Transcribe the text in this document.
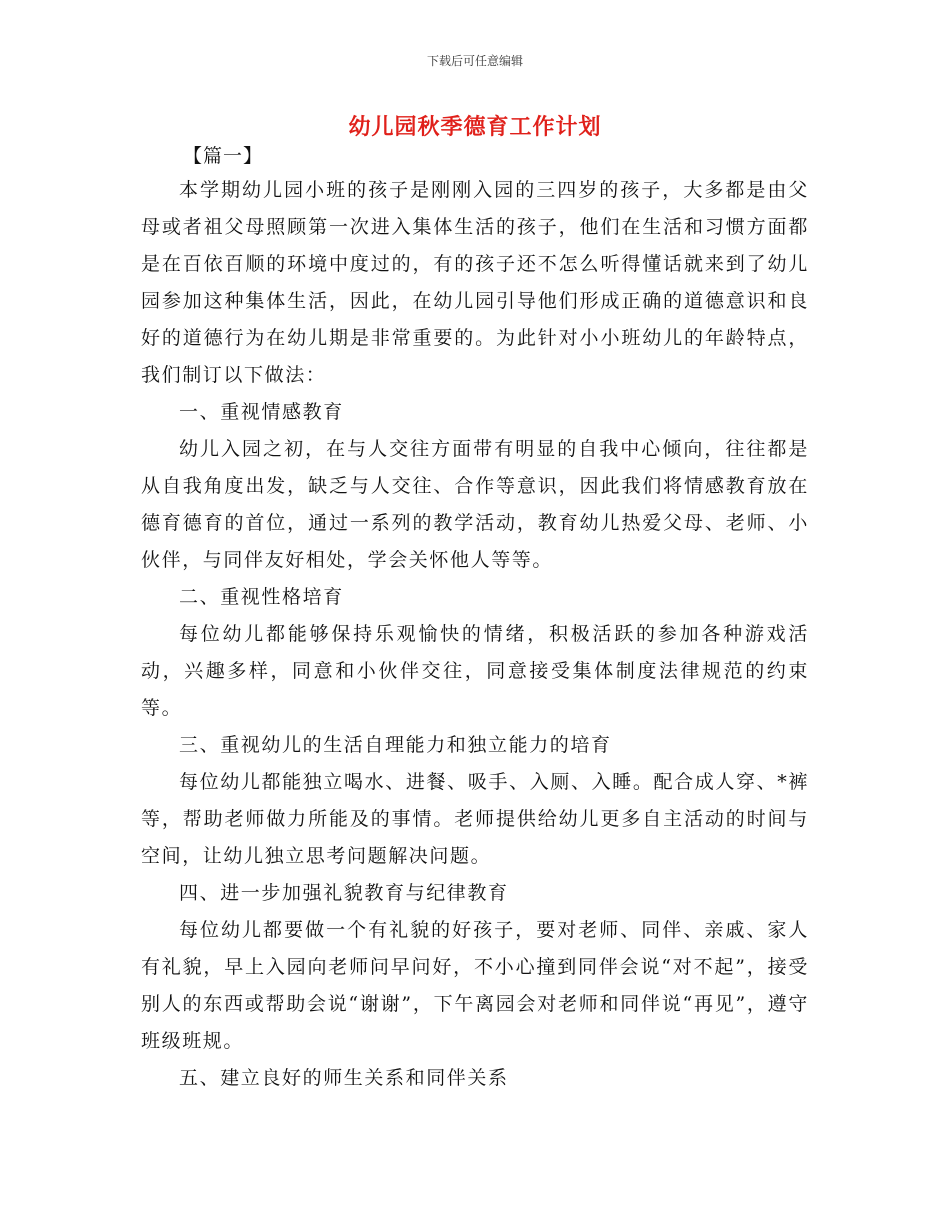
下载后可任意编辑
幼儿园秋季德育工作计划
【篇一】

本学期幼儿园小班的孩子是刚刚入园的三四岁的孩子，大多都是由父母或者祖父母照顾第一次进入集体生活的孩子，他们在生活和习惯方面都是在百依百顺的环境中度过的，有的孩子还不怎么听得懂话就来到了幼儿园参加这种集体生活，因此，在幼儿园引导他们形成正确的道德意识和良好的道德行为在幼儿期是非常重要的。为此针对小小班幼儿的年龄特点，我们制订以下做法：

一、重视情感教育

幼儿入园之初，在与人交往方面带有明显的自我中心倾向，往往都是从自我角度出发，缺乏与人交往、合作等意识，因此我们将情感教育放在德育德育的首位，通过一系列的教学活动，教育幼儿热爱父母、老师、小伙伴，与同伴友好相处，学会关怀他人等等。

二、重视性格培育

每位幼儿都能够保持乐观愉快的情绪，积极活跃的参加各种游戏活动，兴趣多样，同意和小伙伴交往，同意接受集体制度法律规范的约束等。

三、重视幼儿的生活自理能力和独立能力的培育

每位幼儿都能独立喝水、进餐、吸手、入厕、入睡。配合成人穿、*裤等，帮助老师做力所能及的事情。老师提供给幼儿更多自主活动的时间与空间，让幼儿独立思考问题解决问题。

四、进一步加强礼貌教育与纪律教育

每位幼儿都要做一个有礼貌的好孩子，要对老师、同伴、亲戚、家人有礼貌，早上入园向老师问早问好，不小心撞到同伴会说“对不起”，接受别人的东西或帮助会说“谢谢”，下午离园会对老师和同伴说“再见”，遵守班级班规。

五、建立良好的师生关系和同伴关系
